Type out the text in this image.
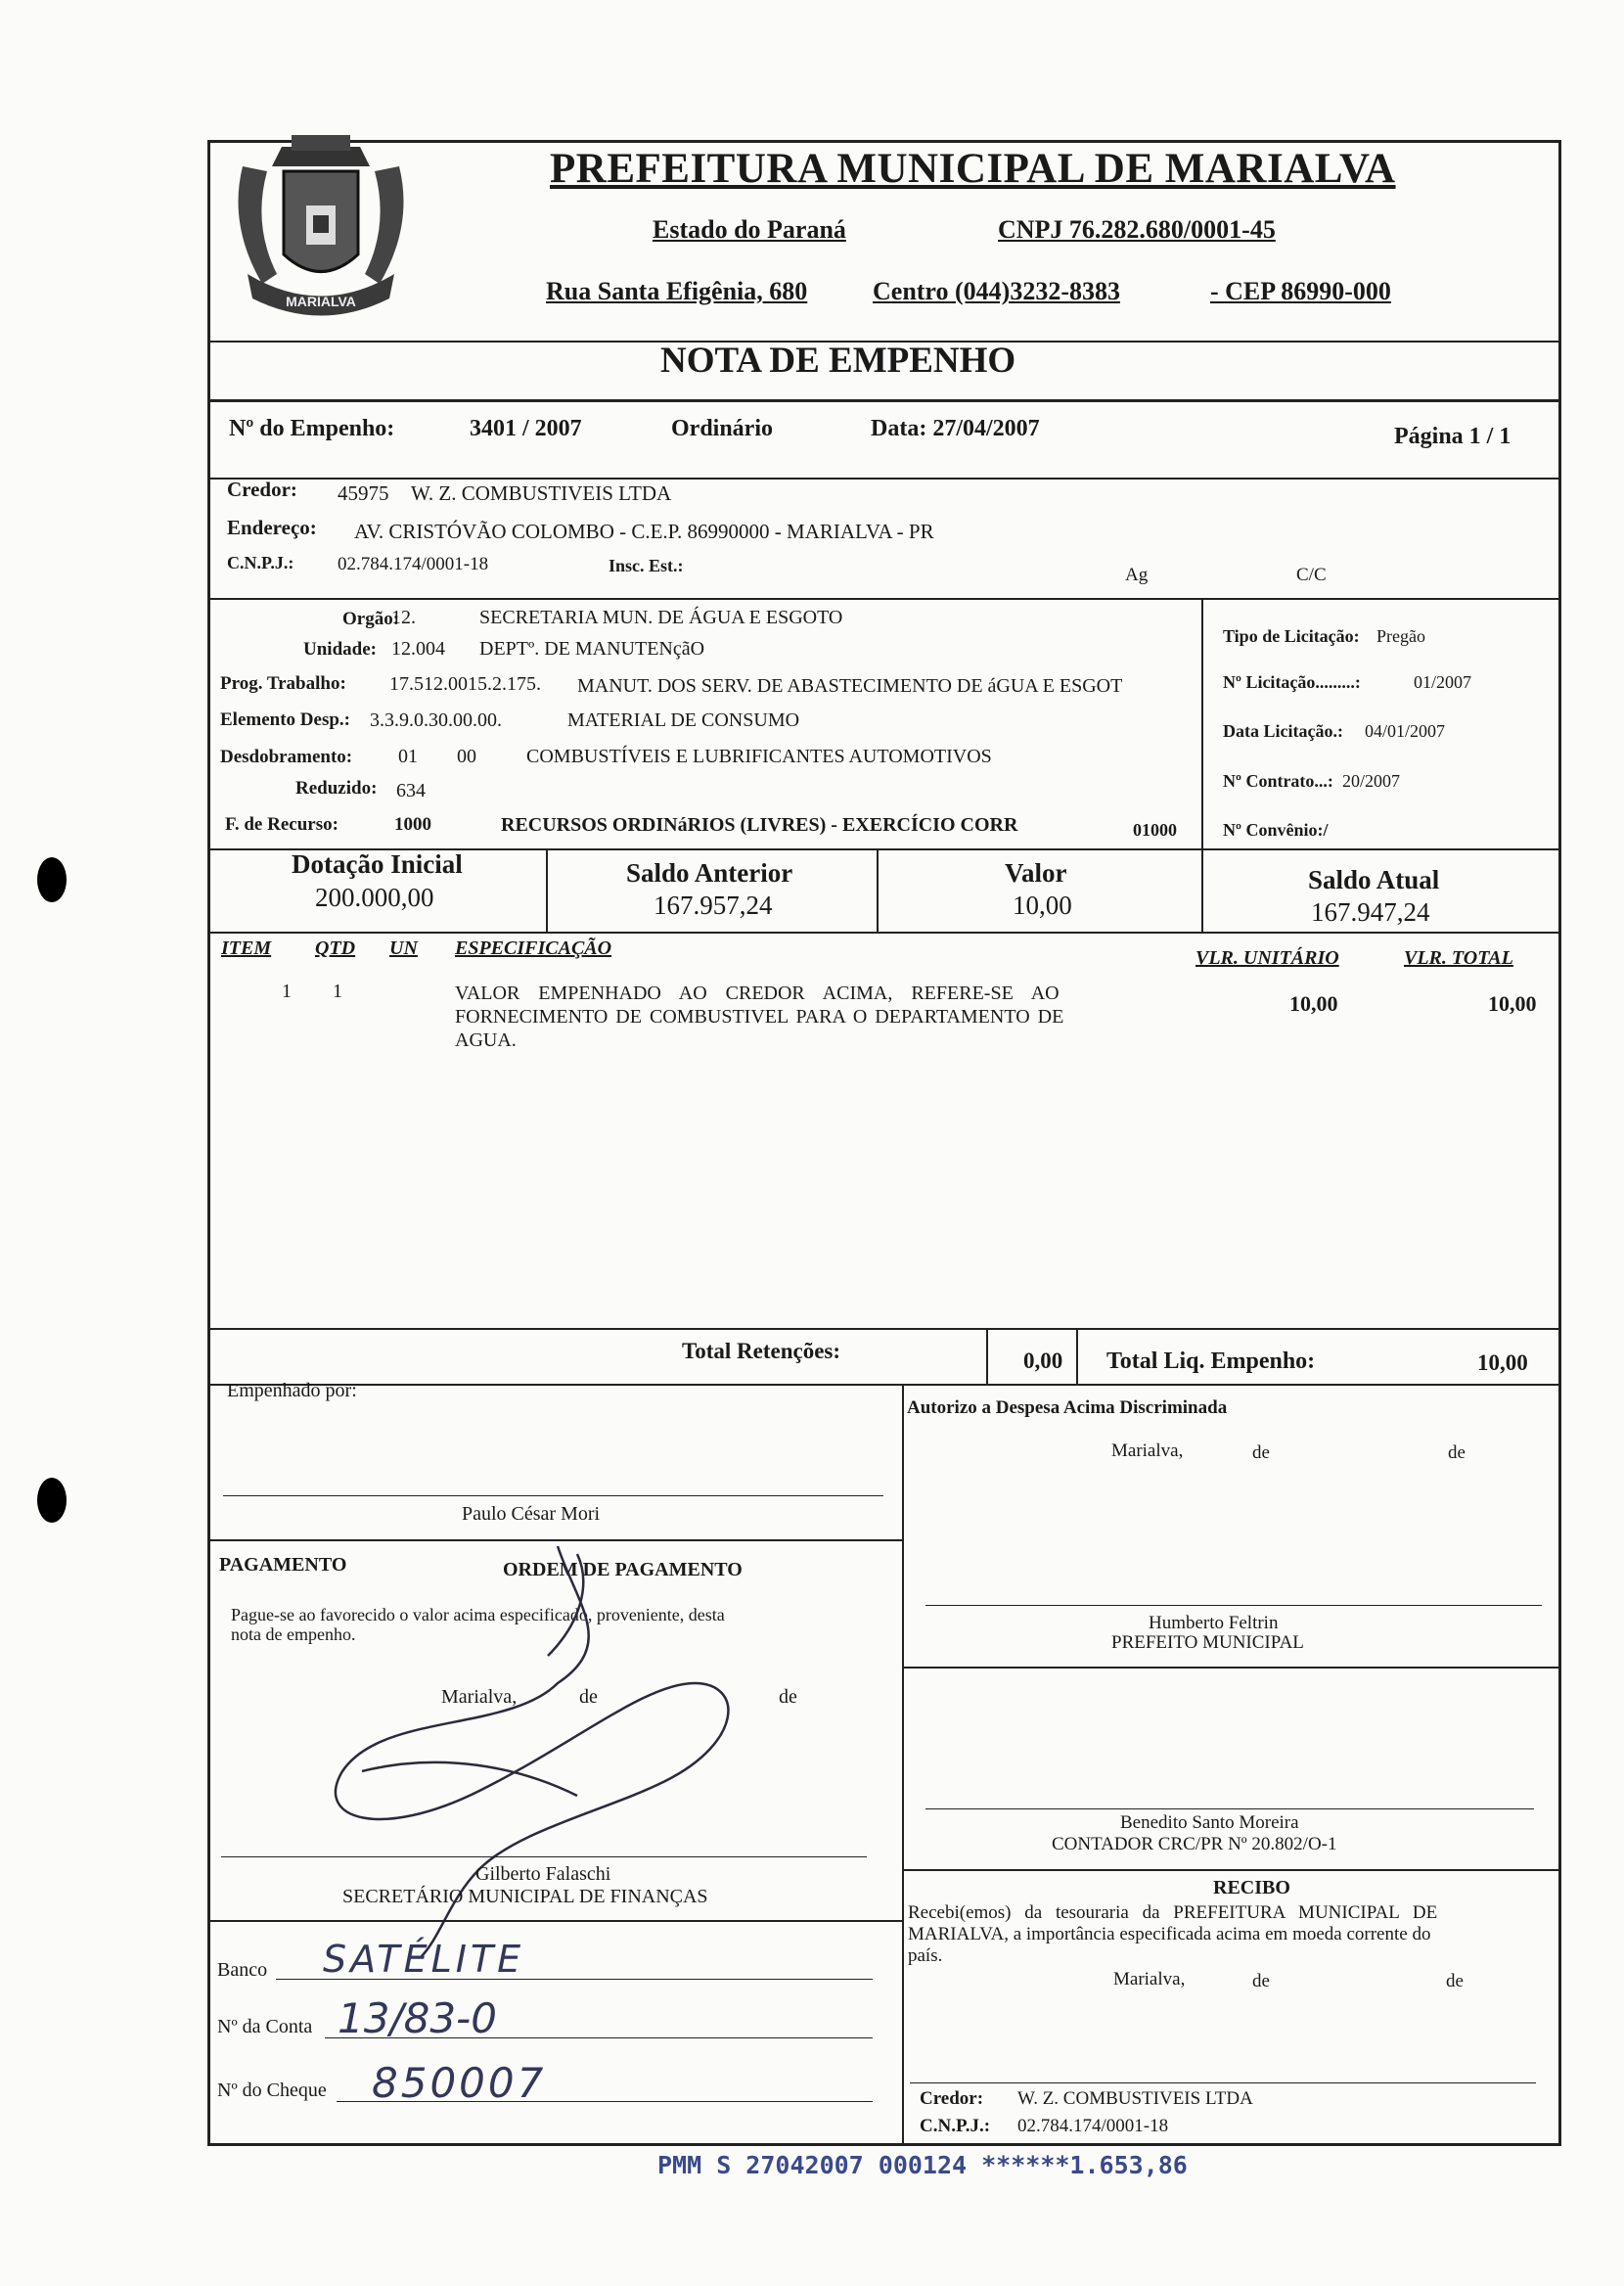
MARIALVA
PREFEITURA MUNICIPAL DE MARIALVA
Estado do Paraná	CNPJ 76.282.680/0001-45
Rua Santa Efigênia, 680	Centro (044)3232-8383	- CEP 86990-000
NOTA DE EMPENHO
Nº do Empenho:	3401 / 2007	Ordinário	Data: 27/04/2007	Página 1 / 1
Credor: 45975 W. Z. COMBUSTIVEIS LTDA
Endereço: AV. CRISTÓVÃO COLOMBO - C.E.P. 86990000 - MARIALVA - PR
C.N.P.J.: 02.784.174/0001-18	Insc. Est.:	Ag	C/C
Orgão:
12.	SECRETARIA MUN. DE ÁGUA E ESGOTO
Unidade: 12.004 DEPTº. DE MANUTENçãO
Prog. Trabalho: 17.512.0015.2.175. MANUT. DOS SERV. DE ABASTECIMENTO DE áGUA E ESGOT
Elemento Desp.: 3.3.9.0.30.00.00.	MATERIAL DE CONSUMO
Desdobramento: 01 00	COMBUSTÍVEIS E LUBRIFICANTES AUTOMOTIVOS
Reduzido: 634
F. de Recurso:	1000	RECURSOS ORDINáRIOS (LIVRES) - EXERCÍCIO CORR	01000
Tipo de Licitação: Pregão
Nº Licitação.........:	01/2007
Data Licitação.: 04/01/2007
Nº Contrato...: 20/2007
Nº Convênio:/
Dotação Inicial
200.000,00
Saldo Anterior
167.957,24
Valor
10,00
Saldo Atual
167.947,24
ITEM QTD UN ESPECIFICAÇÃO	VLR. UNITÁRIO	VLR. TOTAL
1 1	VALOR EMPENHADO AO CREDOR ACIMA, REFERE-SE AO
FORNECIMENTO DE COMBUSTIVEL PARA O DEPARTAMENTO DE
AGUA.
10,00	10,00
Total Retenções:	0,00 Total Liq. Empenho:	10,00
Empenhado por:
Paulo César Mori
PAGAMENTO	ORDEM DE PAGAMENTO
Pague-se ao favorecido o valor acima especificado, proveniente, desta
nota de empenho.
Marialva,	de	de
Gilberto Falaschi
SECRETÁRIO MUNICIPAL DE FINANÇAS
Banco SATÉLITE
Nº da Conta 13/83-0
Nº do Cheque 850007
Autorizo a Despesa Acima Discriminada
Marialva,	de	de
Humberto Feltrin
PREFEITO MUNICIPAL
Benedito Santo Moreira
CONTADOR CRC/PR Nº 20.802/O-1
RECIBO
Recebi(emos) da tesouraria da PREFEITURA MUNICIPAL DE
MARIALVA, a importância especificada acima em moeda corrente do
país.
Marialva,	de	de
Credor: W. Z. COMBUSTIVEIS LTDA
C.N.P.J.: 02.784.174/0001-18
PMM S 27042007 000124 ******1.653,86
